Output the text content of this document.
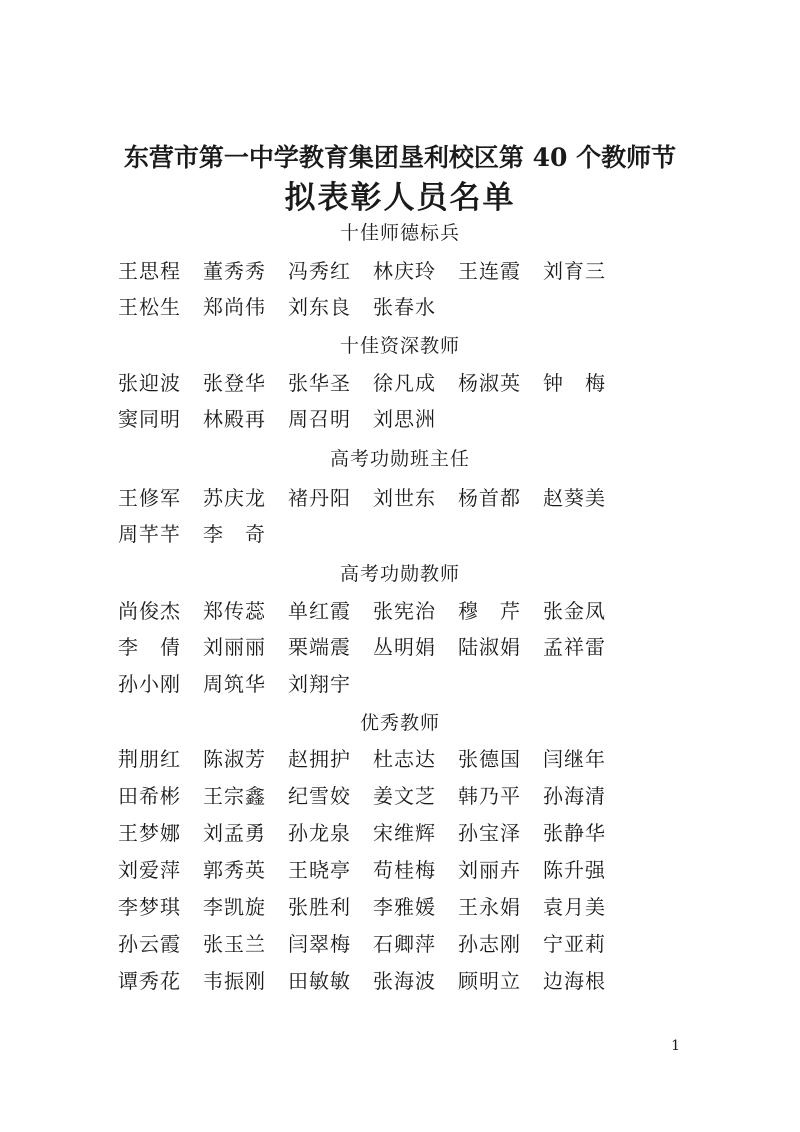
东营市第一中学教育集团垦利校区第 40 个教师节
拟表彰人员名单
十佳师德标兵
王思程	董秀秀	冯秀红	林庆玲	王连霞	刘育三
王松生	郑尚伟	刘东良	张春水
十佳资深教师
张迎波	张登华	张华圣	徐凡成	杨淑英	钟　梅
窦同明	林殿再	周召明	刘思洲
高考功勋班主任
王修军	苏庆龙	褚丹阳	刘世东	杨首都	赵葵美
周芊芊	李　奇
高考功勋教师
尚俊杰	郑传蕊	单红霞	张宪治	穆　芹	张金凤
李　倩	刘丽丽	栗端震	丛明娟	陆淑娟	孟祥雷
孙小刚	周筑华	刘翔宇
优秀教师
荆朋红	陈淑芳	赵拥护	杜志达	张德国	闫继年
田希彬	王宗鑫	纪雪姣	姜文芝	韩乃平	孙海清
王梦娜	刘孟勇	孙龙泉	宋维辉	孙宝泽	张静华
刘爱萍	郭秀英	王晓亭	苟桂梅	刘丽卉	陈升强
李梦琪	李凯旋	张胜利	李雅媛	王永娟	袁月美
孙云霞	张玉兰	闫翠梅	石卿萍	孙志刚	宁亚莉
谭秀花	韦振刚	田敏敏	张海波	顾明立	边海根
1
